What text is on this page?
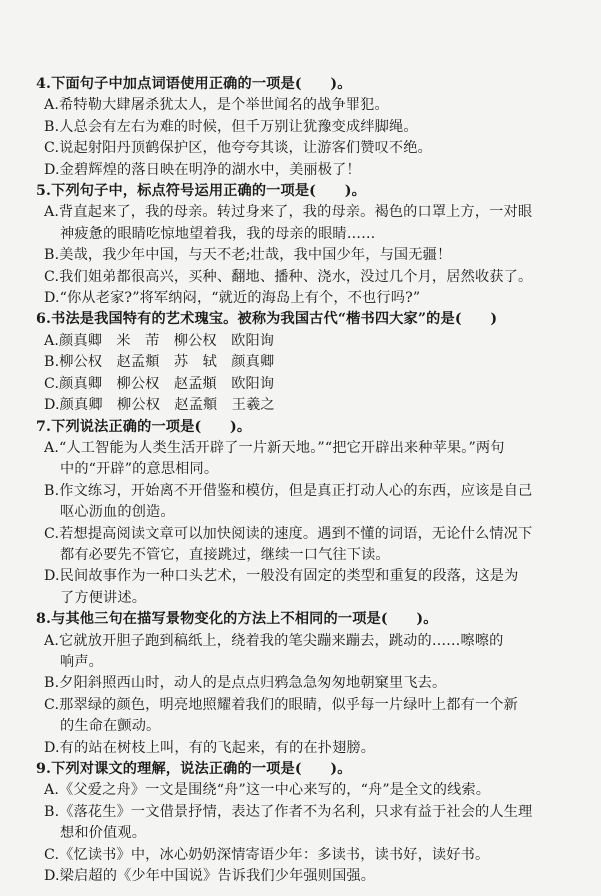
4.下面句子中加点词语使用正确的一项是(　　)。
A.希特勒大肆屠杀犹太人，是个举世闻名的战争罪犯。
B.人总会有左右为难的时候，但千万别让犹豫变成绊脚绳。
C.说起射阳丹顶鹤保护区，他夸夸其谈，让游客们赞叹不绝。
D.金碧辉煌的落日映在明净的湖水中，美丽极了！
5.下列句子中，标点符号运用正确的一项是(　　)。
A.背直起来了，我的母亲。转过身来了，我的母亲。褐色的口罩上方，一对眼
神疲惫的眼睛吃惊地望着我，我的母亲的眼睛……
B.美哉，我少年中国，与天不老;壮哉，我中国少年，与国无疆！
C.我们姐弟都很高兴，买种、翻地、播种、浇水，没过几个月，居然收获了。
D.“你从老家?”将军纳闷，“就近的海岛上有个，不也行吗?”
6.书法是我国特有的艺术瑰宝。被称为我国古代“楷书四大家”的是(　　)
A.颜真卿　米　芾　柳公权　欧阳询
B.柳公权　赵孟頫　苏　轼　颜真卿
C.颜真卿　柳公权　赵孟頫　欧阳询
D.颜真卿　柳公权　赵孟頫　王羲之
7.下列说法正确的一项是(　　)。
A.“人工智能为人类生活开辟了一片新天地。”“把它开辟出来种苹果。”两句
中的“开辟”的意思相同。
B.作文练习，开始离不开借鉴和模仿，但是真正打动人心的东西，应该是自己
呕心沥血的创造。
C.若想提高阅读文章可以加快阅读的速度。遇到不懂的词语，无论什么情况下
都有必要先不管它，直接跳过，继续一口气往下读。
D.民间故事作为一种口头艺术，一般没有固定的类型和重复的段落，这是为
了方便讲述。
8.与其他三句在描写景物变化的方法上不相同的一项是(　　)。
A.它就放开胆子跑到稿纸上，绕着我的笔尖蹦来蹦去，跳动的……嚓嚓的
响声。
B.夕阳斜照西山时，动人的是点点归鸦急急匆匆地朝窠里飞去。
C.那翠绿的颜色，明亮地照耀着我们的眼睛，似乎每一片绿叶上都有一个新
的生命在颤动。
D.有的站在树枝上叫，有的飞起来，有的在扑翅膀。
9.下列对课文的理解，说法正确的一项是(　　)。
A.《父爱之舟》一文是围绕“舟”这一中心来写的，“舟”是全文的线索。
B.《落花生》一文借景抒情，表达了作者不为名利，只求有益于社会的人生理
想和价值观。
C.《忆读书》中，冰心奶奶深情寄语少年：多读书，读书好，读好书。
D.梁启超的《少年中国说》告诉我们少年强则国强。
